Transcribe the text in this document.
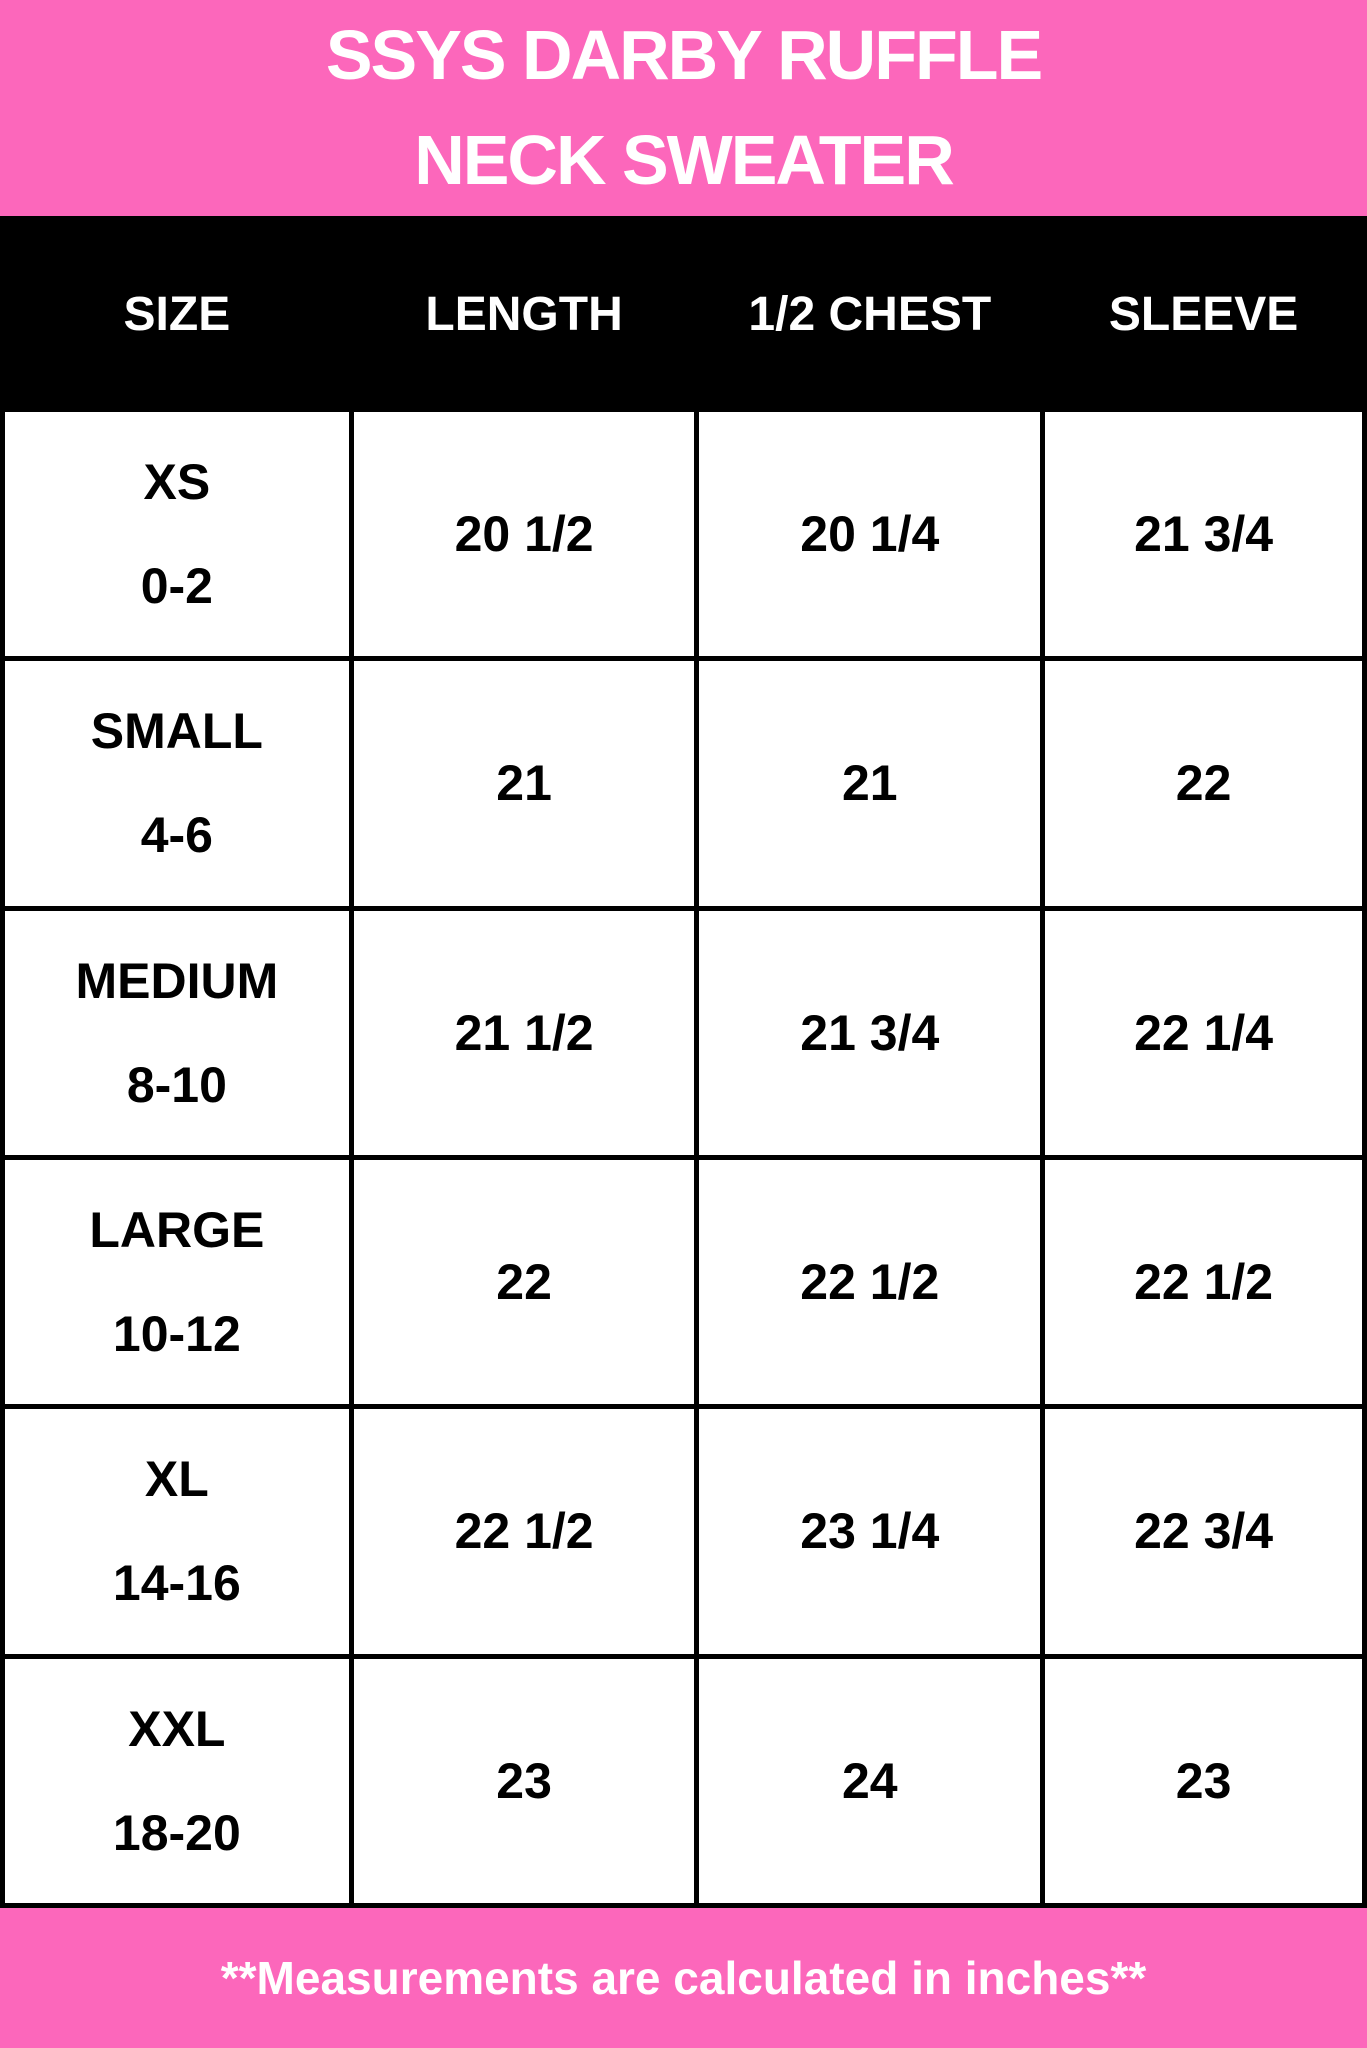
SSYS DARBY RUFFLE
NECK SWEATER
SIZE	LENGTH	1/2 CHEST	SLEEVE
XS
0-2
20 1/2	20 1/4	21 3/4
SMALL
4-6
21	21	22
MEDIUM
8-10
21 1/2	21 3/4	22 1/4
LARGE
10-12
22	22 1/2	22 1/2
XL
14-16
22 1/2	23 1/4	22 3/4
XXL
18-20
23	24	23
**Measurements are calculated in inches**
